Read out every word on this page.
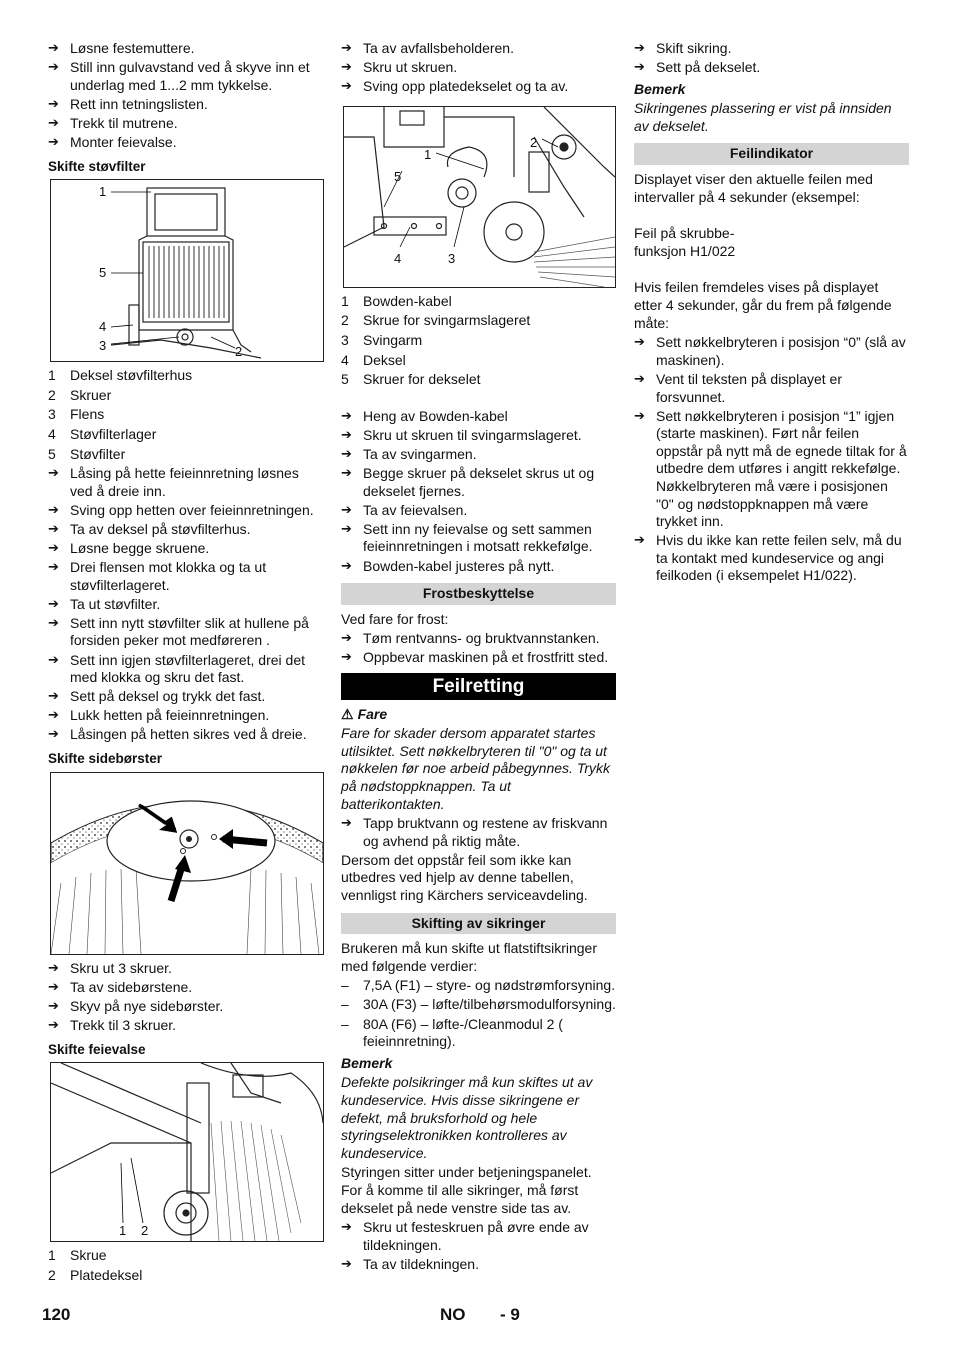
➔ Løsne festemuttere.
➔ Still inn gulvavstand ved å skyve inn et underlag med 1...2 mm tykkelse.
➔ Rett inn tetningslisten.
➔ Trekk til mutrene.
➔ Monter feievalse.
Skifte støvfilter
1
5
4
3	2
1 Deksel støvfilterhus
2 Skruer
3 Flens
4 Støvfilterlager
5 Støvfilter
➔ Låsing på hette feieinnretning løsnes ved å dreie inn.
➔ Sving opp hetten over feieinnretningen.
➔ Ta av deksel på støvfilterhus.
➔ Løsne begge skruene.
➔ Drei flensen mot klokka og ta ut støvfilterlageret.
➔ Ta ut støvfilter.
➔ Sett inn nytt støvfilter slik at hullene på forsiden peker mot medføreren .
➔ Sett inn igjen støvfilterlageret, drei det med klokka og skru det fast.
➔ Sett på deksel og trykk det fast.
➔ Lukk hetten på feieinnretningen.
➔ Låsingen på hetten sikres ved å dreie.
Skifte sidebørster
➔ Skru ut 3 skruer.
➔ Ta av sidebørstene.
➔ Skyv på nye sidebørster.
➔ Trekk til 3 skruer.
Skifte feievalse
1 2
1 Skrue
2 Platedeksel
➔ Ta av avfallsbeholderen.
➔ Skru ut skruen.
➔ Sving opp platedekselet og ta av.
2
1
5
4	3
1 Bowden-kabel
2 Skrue for svingarmslageret
3 Svingarm
4 Deksel
5 Skruer for dekselet
➔ Heng av Bowden-kabel
➔ Skru ut skruen til svingarmslageret.
➔ Ta av svingarmen.
➔ Begge skruer på dekselet skrus ut og dekselet fjernes.
➔ Ta av feievalsen.
➔ Sett inn ny feievalse og sett sammen feieinnretningen i motsatt rekkefølge.
➔ Bowden-kabel justeres på nytt.
Frostbeskyttelse
Ved fare for frost:
➔ Tøm rentvanns- og bruktvannstanken.
➔ Oppbevar maskinen på et frostfritt sted.
Feilretting
⚠ Fare
Fare for skader dersom apparatet startes utilsiktet. Sett nøkkelbryteren til "0" og ta ut nøkkelen før noe arbeid påbegynnes. Trykk på nødstoppknappen. Ta ut batterikontakten.
➔ Tapp bruktvann og restene av friskvann og avhend på riktig måte.
Dersom det oppstår feil som ikke kan utbedres ved hjelp av denne tabellen, vennligst ring Kärchers serviceavdeling.
Skifting av sikringer
Brukeren må kun skifte ut flatstiftsikringer med følgende verdier:
– 7,5A (F1) – styre- og nødstrømforsyning.
– 30A (F3) – løfte/tilbehørsmodulforsyning.
– 80A (F6) – løfte-/Cleanmodul 2 ( feieinnretning).
Bemerk
Defekte polsikringer må kun skiftes ut av kundeservice. Hvis disse sikringene er defekt, må bruksforhold og hele styringselektronikken kontrolleres av kundeservice.
Styringen sitter under betjeningspanelet. For å komme til alle sikringer, må først dekselet på nede venstre side tas av.
➔ Skru ut festeskruen på øvre ende av tildekningen.
➔ Ta av tildekningen.
➔ Skift sikring.
➔ Sett på dekselet.
Bemerk
Sikringenes plassering er vist på innsiden av dekselet.
Feilindikator
Displayet viser den aktuelle feilen med intervaller på 4 sekunder (eksempel:
Feil på skrubbe-
funksjon H1/022
Hvis feilen fremdeles vises på displayet etter 4 sekunder, går du frem på følgende måte:
➔ Sett nøkkelbryteren i posisjon “0” (slå av maskinen).
➔ Vent til teksten på displayet er forsvunnet.
➔ Sett nøkkelbryteren i posisjon “1” igjen (starte maskinen). Ført når feilen oppstår på nytt må de egnede tiltak for å utbedre dem utføres i angitt rekkefølge. Nøkkelbryteren må være i posisjonen "0" og nødstoppknappen må være trykket inn.
➔ Hvis du ikke kan rette feilen selv, må du ta kontakt med kundeservice og angi feilkoden (i eksempelet H1/022).
120	NO - 9
